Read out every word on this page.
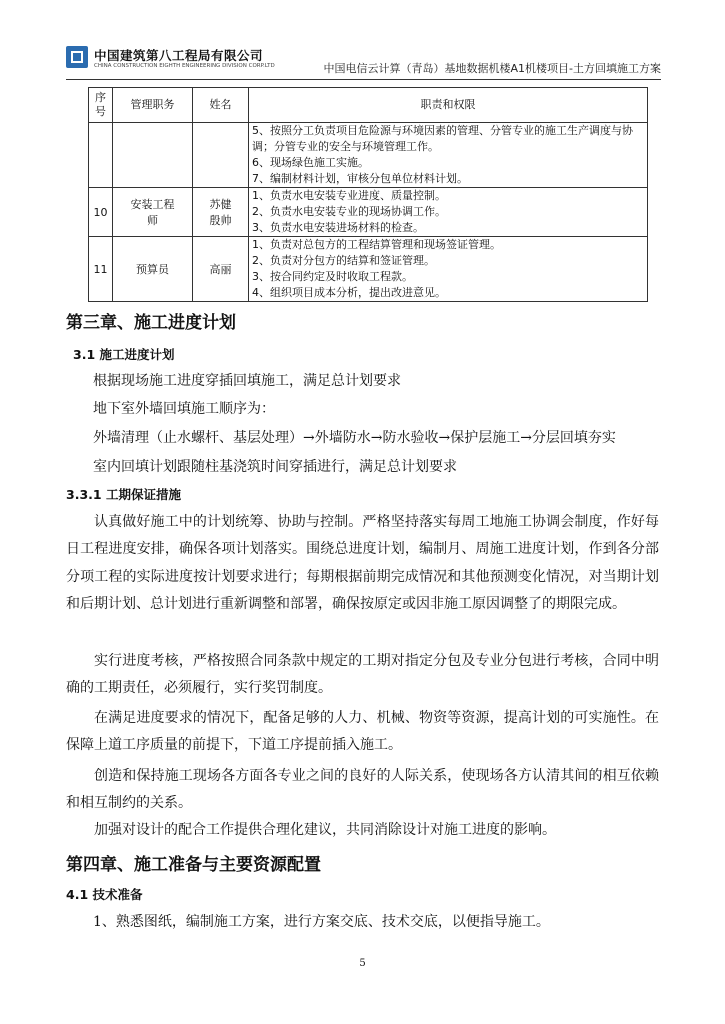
中国建筑第八工程局有限公司
CHINA CONSTRUCTION EIGHTH ENGINEERING DIVISION CORP.LTD	中国电信云计算（青岛）基地数据机楼A1机楼项目-土方回填施工方案
序号	管理职务	姓名	职责和权限

			5、按照分工负责项目危险源与环境因素的管理、分管专业的施工生产调度与协调；分管专业的安全与环境管理工作。
6、现场绿色施工实施。
7、编制材料计划，审核分包单位材料计划。

10	安装工程师	苏健 殷帅	1、负责水电安装专业进度、质量控制。
2、负责水电安装专业的现场协调工作。
3、负责水电安装进场材料的检查。

11	预算员	高丽	1、负责对总包方的工程结算管理和现场签证管理。
2、负责对分包方的结算和签证管理。
3、按合同约定及时收取工程款。
4、组织项目成本分析，提出改进意见。
第三章、施工进度计划
3.1 施工进度计划

根据现场施工进度穿插回填施工，满足总计划要求

地下室外墙回填施工顺序为：

外墙清理（止水螺杆、基层处理）→外墙防水→防水验收→保护层施工→分层回填夯实

室内回填计划跟随柱基浇筑时间穿插进行，满足总计划要求

3.3.1 工期保证措施

认真做好施工中的计划统筹、协助与控制。严格坚持落实每周工地施工协调会制度，作好每日工程进度安排，确保各项计划落实。围绕总进度计划，编制月、周施工进度计划，作到各分部分项工程的实际进度按计划要求进行；每期根据前期完成情况和其他预测变化情况，对当期计划和后期计划、总计划进行重新调整和部署，确保按原定或因非施工原因调整了的期限完成。

实行进度考核，严格按照合同条款中规定的工期对指定分包及专业分包进行考核，合同中明确的工期责任，必须履行，实行奖罚制度。

在满足进度要求的情况下，配备足够的人力、机械、物资等资源，提高计划的可实施性。在保障上道工序质量的前提下，下道工序提前插入施工。

创造和保持施工现场各方面各专业之间的良好的人际关系，使现场各方认清其间的相互依赖和相互制约的关系。

加强对设计的配合工作提供合理化建议，共同消除设计对施工进度的影响。

第四章、施工准备与主要资源配置
4.1 技术准备

1、熟悉图纸，编制施工方案，进行方案交底、技术交底，以便指导施工。

5
